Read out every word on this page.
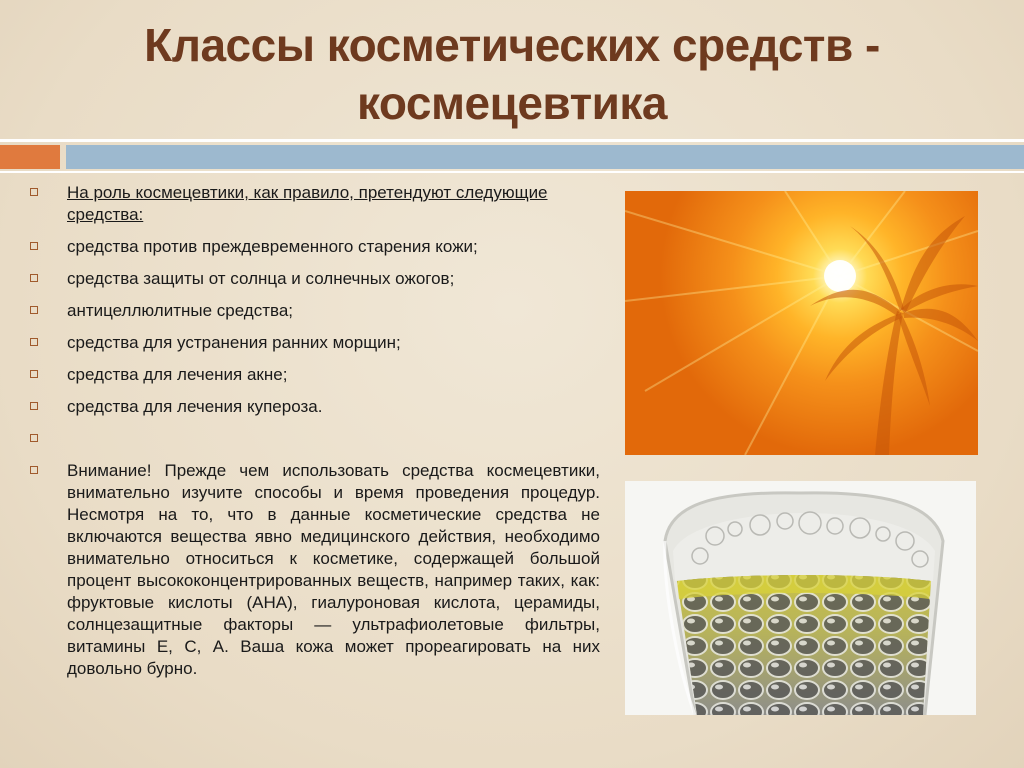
Классы косметических средств -
космецевтика
На роль космецевтики, как правило, претендуют следующие средства:
средства против преждевременного старения кожи;
средства защиты от солнца и солнечных ожогов;
антицеллюлитные средства;
средства для устранения ранних морщин;
средства для лечения акне;
средства для лечения купероза.
Внимание! Прежде чем использовать средства космецевтики, внимательно изучите способы и время проведения процедур. Несмотря на то, что в данные косметические средства не включаются вещества явно медицинского действия, необходимо внимательно относиться к косметике, содержащей большой процент высококонцентрированных веществ, например таких, как: фруктовые кислоты (АНА), гиалуроновая кислота, церамиды, солнцезащитные факторы — ультрафиолетовые фильтры, витамины Е, С, А. Ваша кожа может прореагировать на них довольно бурно.
